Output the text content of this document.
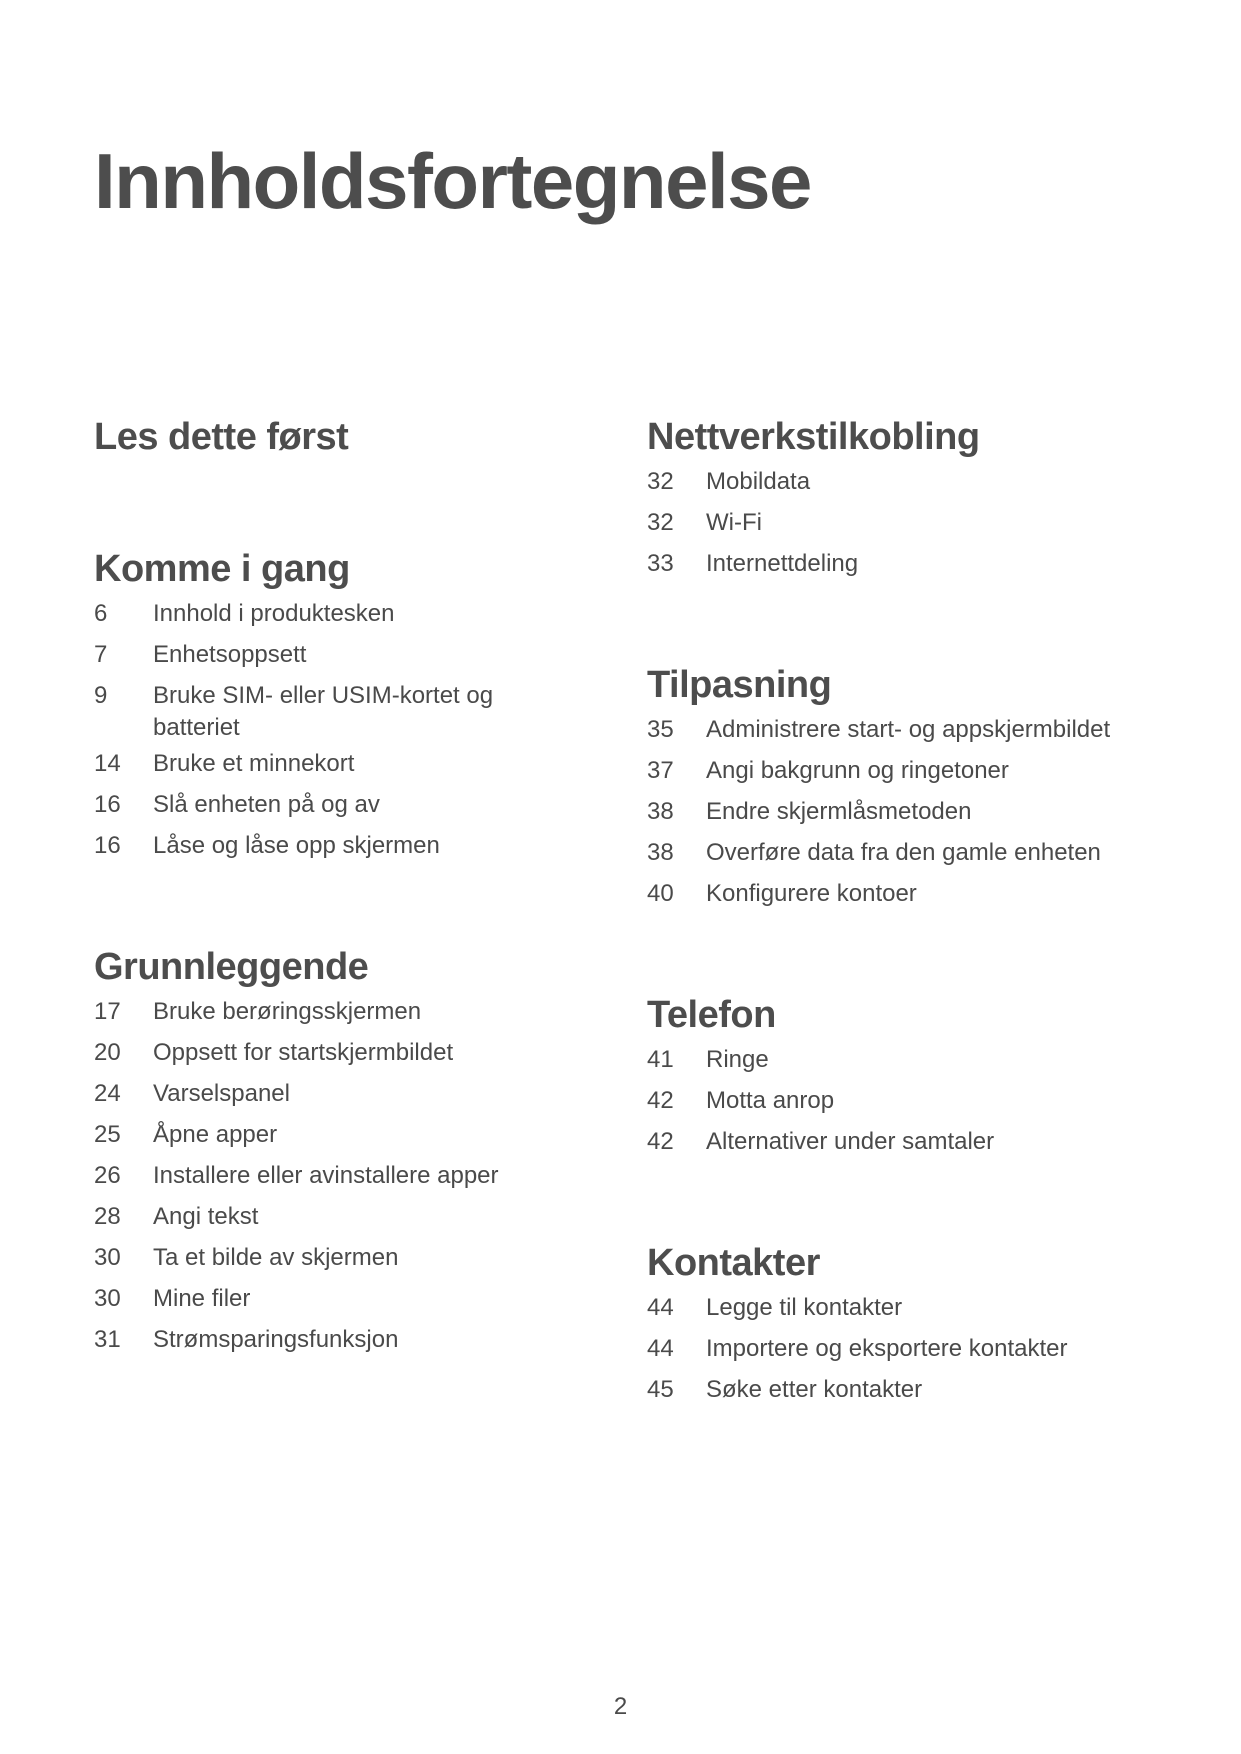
Innholdsfortegnelse
Les dette først
Komme i gang
6	Innhold i produktesken
7	Enhetsoppsett
9	Bruke SIM- eller USIM-kortet og batteriet
14	Bruke et minnekort
16	Slå enheten på og av
16	Låse og låse opp skjermen
Grunnleggende
17	Bruke berøringsskjermen
20	Oppsett for startskjermbildet
24	Varselspanel
25	Åpne apper
26	Installere eller avinstallere apper
28	Angi tekst
30	Ta et bilde av skjermen
30	Mine filer
31	Strømsparingsfunksjon
Nettverkstilkobling
32	Mobildata
32	Wi-Fi
33	Internettdeling
Tilpasning
35	Administrere start- og appskjermbildet
37	Angi bakgrunn og ringetoner
38	Endre skjermlåsmetoden
38	Overføre data fra den gamle enheten
40	Konfigurere kontoer
Telefon
41	Ringe
42	Motta anrop
42	Alternativer under samtaler
Kontakter
44	Legge til kontakter
44	Importere og eksportere kontakter
45	Søke etter kontakter
2
